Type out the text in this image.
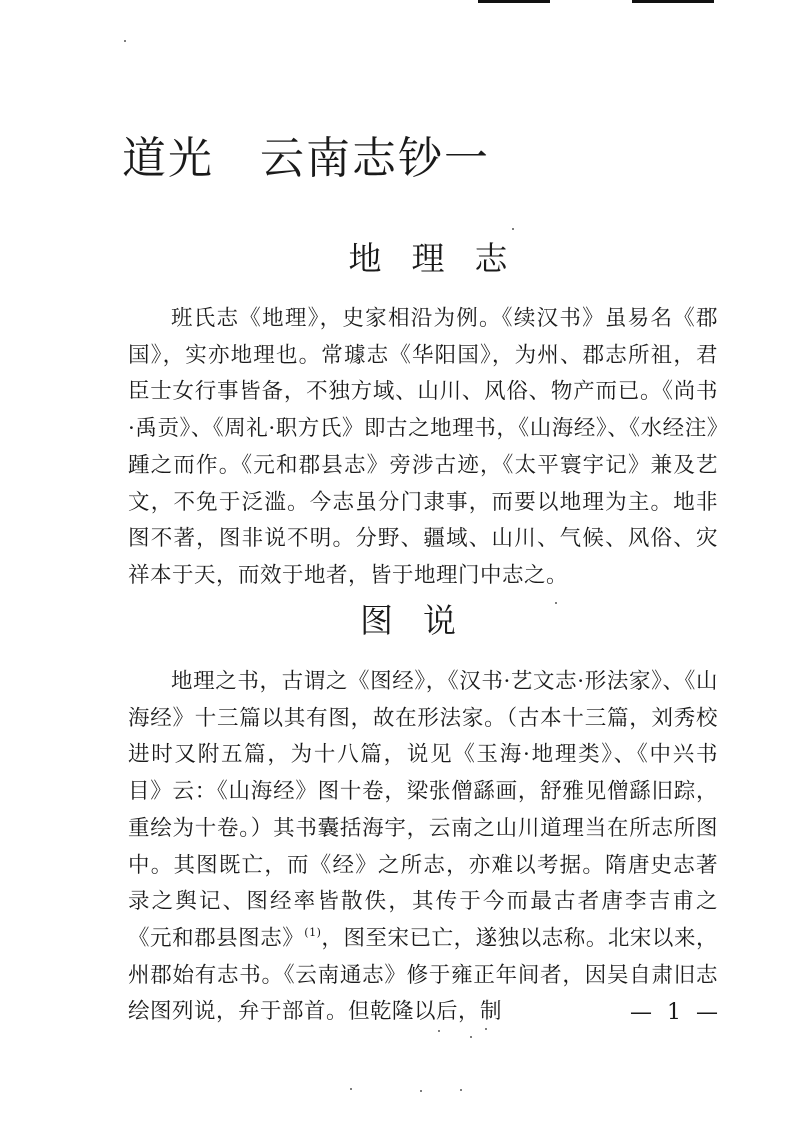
道光 云南志钞一
地理志

班氏志《地理》，史家相沿为例。《续汉书》虽易名《郡国》，实亦地理也。常璩志《华阳国》，为州、郡志所祖，君臣士女行事皆备，不独方域、山川、风俗、物产而已。《尚书·禹贡》、《周礼·职方氏》即古之地理书，《山海经》、《水经注》踵之而作。《元和郡县志》旁涉古迹，《太平寰宇记》兼及艺文，不免于泛滥。今志虽分门隶事，而要以地理为主。地非图不著，图非说不明。分野、疆域、山川、气候、风俗、灾祥本于天，而效于地者，皆于地理门中志之。

图说

地理之书，古谓之《图经》，《汉书·艺文志·形法家》、《山海经》十三篇以其有图，故在形法家。（古本十三篇，刘秀校进时又附五篇，为十八篇，说见《玉海·地理类》、《中兴书目》云：《山海经》图十卷，梁张僧繇画，舒雅见僧繇旧踪，重绘为十卷。）其书囊括海宇，云南之山川道理当在所志所图中。其图既亡，而《经》之所志，亦难以考据。隋唐史志著录之舆记、图经率皆散佚，其传于今而最古者唐李吉甫之《元和郡县图志》$^{(1)}$，图至宋已亡，遂独以志称。北宋以来，州郡始有志书。《云南通志》修于雍正年间者，因吴自肃旧志绘图列说，弁于部首。但乾隆以后，制	— 1 —
